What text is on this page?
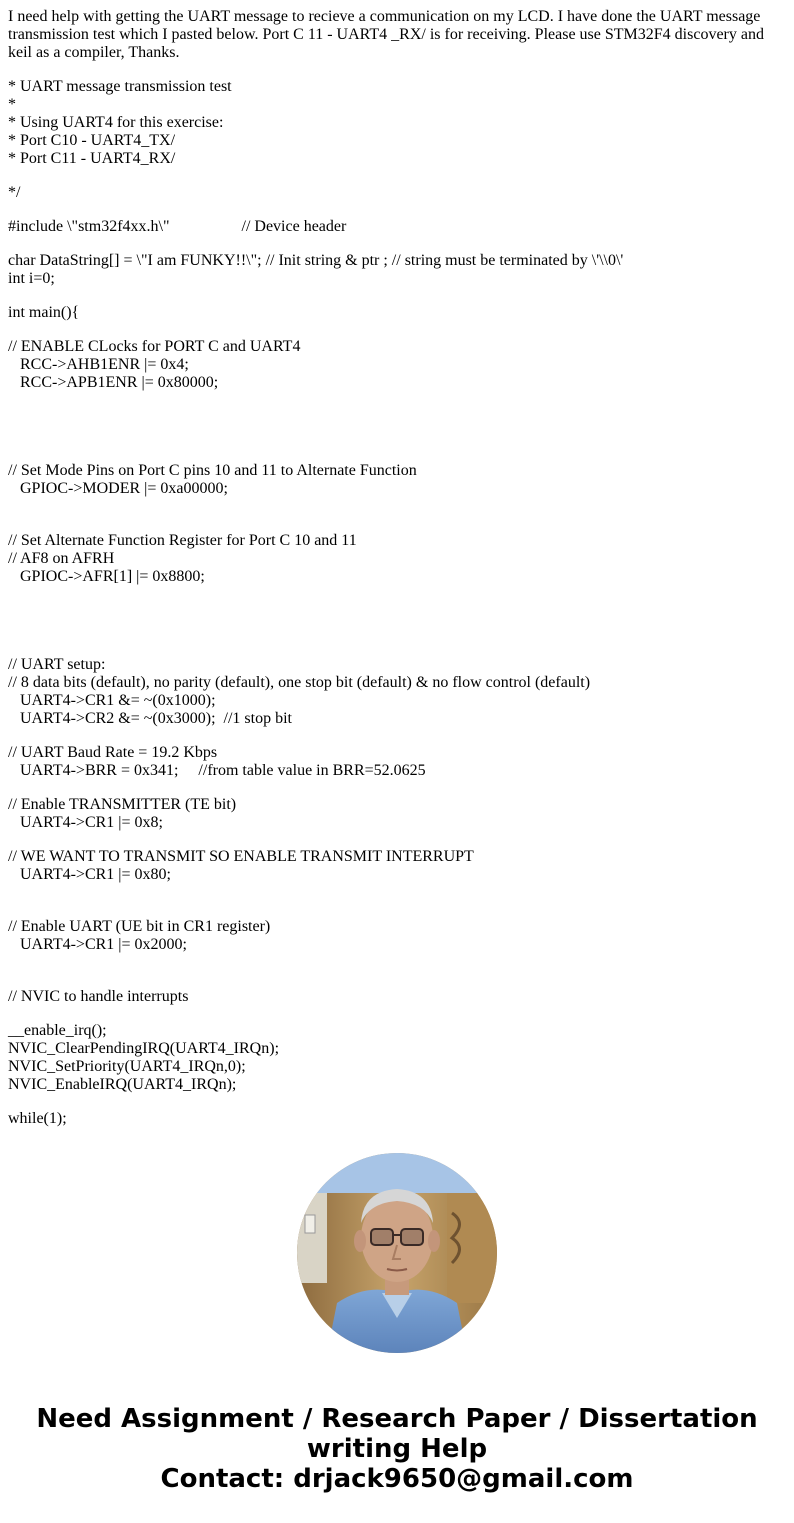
I need help with getting the UART message to recieve a communication on my LCD. I have done the UART message transmission test which I pasted below. Port C 11 - UART4 _RX/ is for receiving. Please use STM32F4 discovery and keil as a compiler, Thanks.

* UART message transmission test
*
* Using UART4 for this exercise:
* Port C10 - UART4_TX/
* Port C11 - UART4_RX/
*/
#include \"stm32f4xx.h\"                  // Device header
char DataString[] = \"I am FUNKY!!\"; // Init string & ptr ; // string must be terminated by \'\\0\'
int i=0;
int main(){
// ENABLE CLocks for PORT C and UART4
RCC->AHB1ENR |= 0x4;
RCC->APB1ENR |= 0x80000;
// Set Mode Pins on Port C pins 10 and 11 to Alternate Function
GPIOC->MODER |= 0xa00000;
// Set Alternate Function Register for Port C 10 and 11
// AF8 on AFRH
GPIOC->AFR[1] |= 0x8800;
// UART setup:
// 8 data bits (default), no parity (default), one stop bit (default) & no flow control (default)
UART4->CR1 &= ~(0x1000);
UART4->CR2 &= ~(0x3000);  //1 stop bit
// UART Baud Rate = 19.2 Kbps
UART4->BRR = 0x341;     //from table value in BRR=52.0625
// Enable TRANSMITTER (TE bit)
UART4->CR1 |= 0x8;
// WE WANT TO TRANSMIT SO ENABLE TRANSMIT INTERRUPT
UART4->CR1 |= 0x80;
// Enable UART (UE bit in CR1 register)
UART4->CR1 |= 0x2000;
// NVIC to handle interrupts
__enable_irq();
NVIC_ClearPendingIRQ(UART4_IRQn);
NVIC_SetPriority(UART4_IRQn,0);
NVIC_EnableIRQ(UART4_IRQn);
while(1);
Need Assignment / Research Paper / Dissertation
writing Help
Contact: drjack9650@gmail.com
